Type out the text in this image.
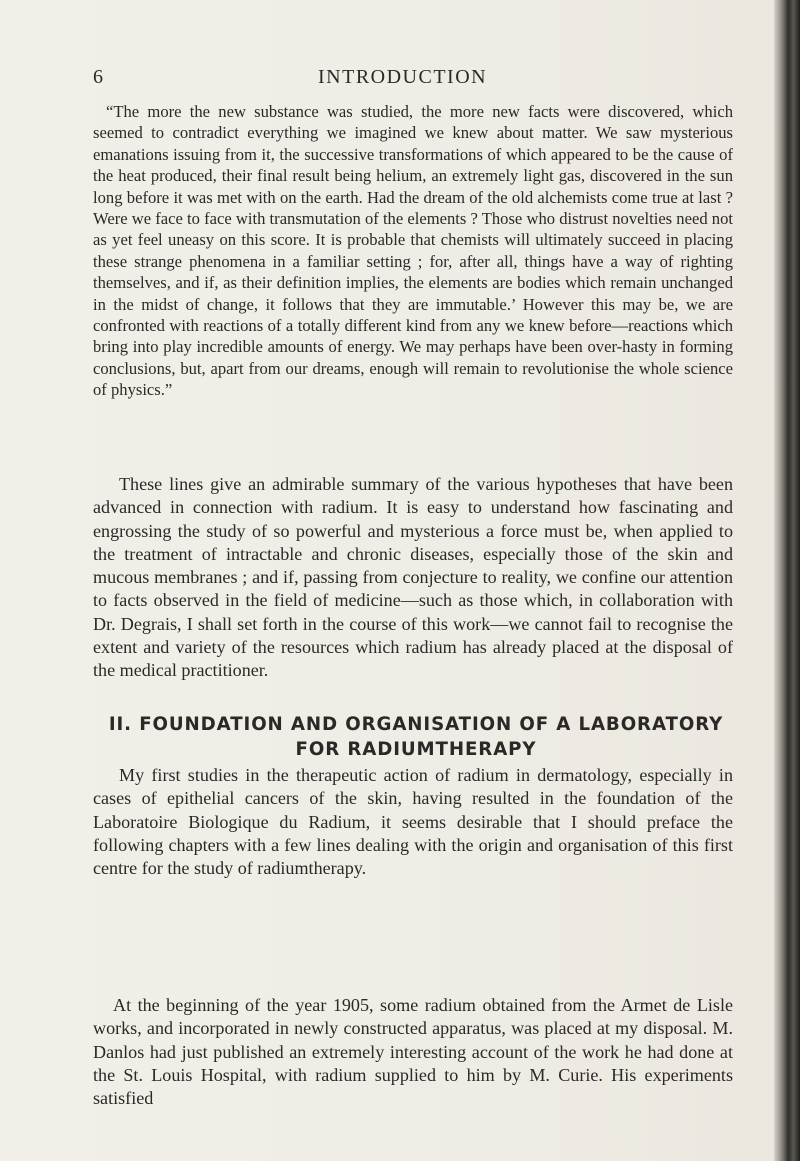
6	INTRODUCTION

“The more the new substance was studied, the more new facts were discovered, which seemed to contradict everything we imagined we knew about matter. We saw mysterious emanations issuing from it, the successive transformations of which appeared to be the cause of the heat produced, their final result being helium, an extremely light gas, discovered in the sun long before it was met with on the earth. Had the dream of the old alchemists come true at last ? Were we face to face with transmutation of the elements ? Those who distrust novelties need not as yet feel uneasy on this score. It is probable that chemists will ultimately succeed in placing these strange phenomena in a familiar setting ; for, after all, things have a way of righting themselves, and if, as their definition implies, the elements are bodies which remain unchanged in the midst of change, it follows that they are immutable.’ However this may be, we are confronted with reactions of a totally different kind from any we knew before—reactions which bring into play incredible amounts of energy. We may perhaps have been over-hasty in forming conclusions, but, apart from our dreams, enough will remain to revolutionise the whole science of physics.”

These lines give an admirable summary of the various hypotheses that have been advanced in connection with radium. It is easy to understand how fascinating and engrossing the study of so powerful and mysterious a force must be, when applied to the treatment of intractable and chronic diseases, especially those of the skin and mucous membranes ; and if, passing from conjecture to reality, we confine our attention to facts observed in the field of medicine—such as those which, in collaboration with Dr. Degrais, I shall set forth in the course of this work—we cannot fail to recognise the extent and variety of the resources which radium has already placed at the disposal of the medical practitioner.

II. FOUNDATION AND ORGANISATION OF A LABORATORY
FOR RADIUMTHERAPY

My first studies in the therapeutic action of radium in dermatology, especially in cases of epithelial cancers of the skin, having resulted in the foundation of the Laboratoire Biologique du Radium, it seems desirable that I should preface the following chapters with a few lines dealing with the origin and organisation of this first centre for the study of radiumtherapy.

At the beginning of the year 1905, some radium obtained from the Armet de Lisle works, and incorporated in newly constructed apparatus, was placed at my disposal. M. Danlos had just published an extremely interesting account of the work he had done at the St. Louis Hospital, with radium supplied to him by M. Curie. His experiments satisfied
